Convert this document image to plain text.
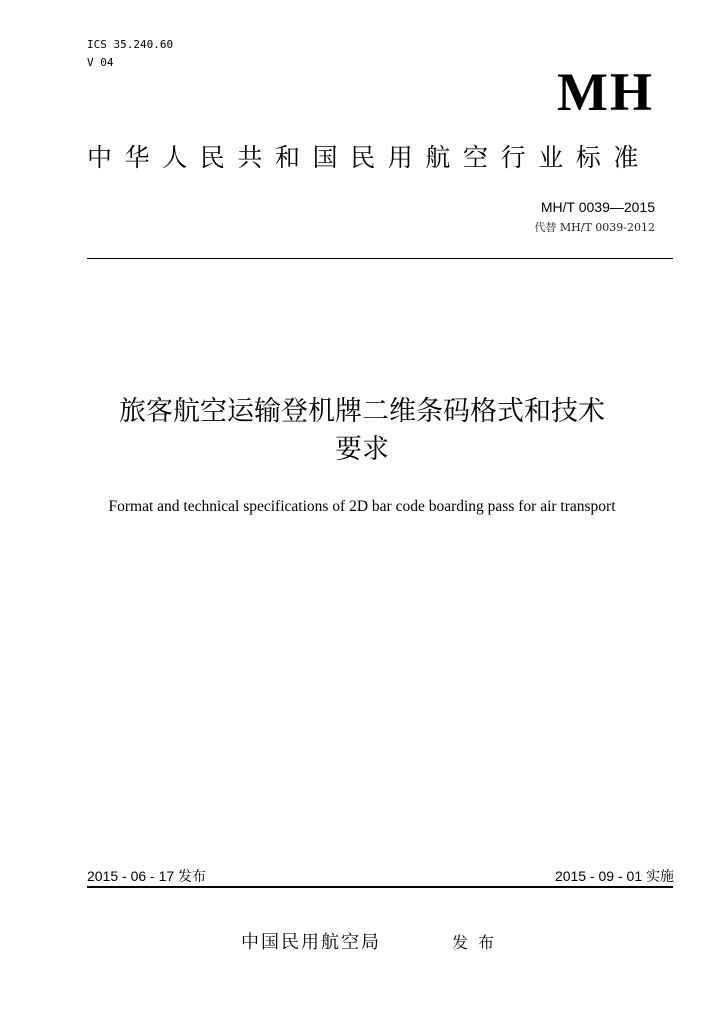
ICS 35.240.60
V 04	MH
中华人民共和国民用航空行业标准
MH/T 0039—2015
代替 MH/T 0039-2012
旅客航空运输登机牌二维条码格式和技术
要求
Format and technical specifications of 2D bar code boarding pass for air transport
2015 - 06 - 17 发布	2015 - 09 - 01 实施
中国民用航空局	发布
